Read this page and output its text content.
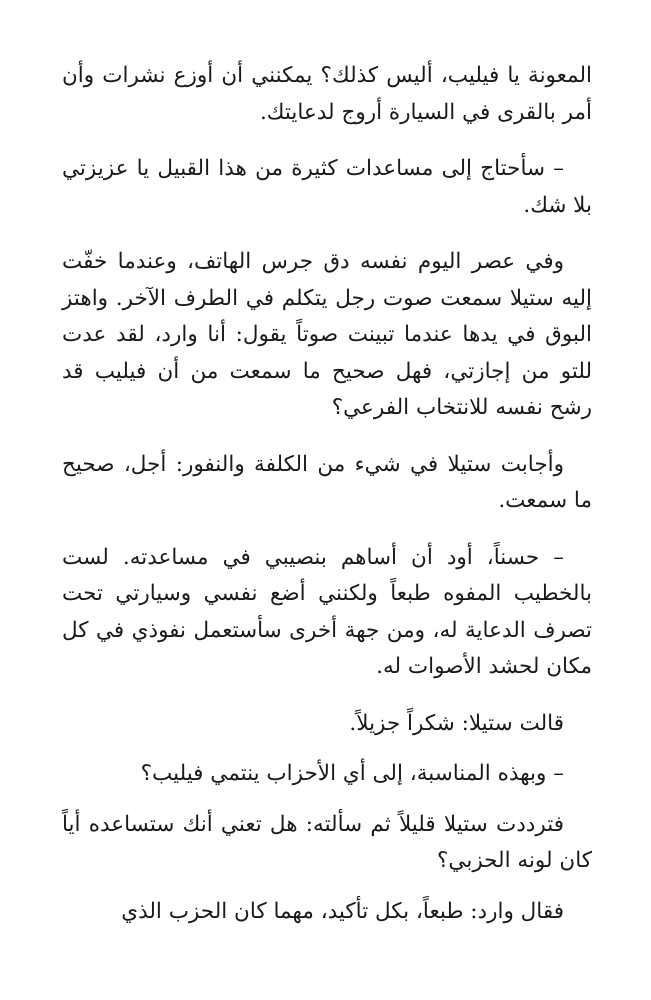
المعونة يا فيليب، أليس كذلك؟ يمكنني أن أوزع نشرات وأن أمر بالقرى في السيارة أروج لدعايتك.

– سأحتاج إلى مساعدات كثيرة من هذا القبيل يا عزيزتي بلا شك.

وفي عصر اليوم نفسه دق جرس الهاتف، وعندما خفّت إليه ستيلا سمعت صوت رجل يتكلم في الطرف الآخر. واهتز البوق في يدها عندما تبينت صوتاً يقول: أنا وارد، لقد عدت للتو من إجازتي، فهل صحيح ما سمعت من أن فيليب قد رشح نفسه للانتخاب الفرعي؟

وأجابت ستيلا في شيء من الكلفة والنفور: أجل، صحيح ما سمعت.

– حسناً، أود أن أساهم بنصيبي في مساعدته. لست بالخطيب المفوه طبعاً ولكنني أضع نفسي وسيارتي تحت تصرف الدعاية له، ومن جهة أخرى سأستعمل نفوذي في كل مكان لحشد الأصوات له.

قالت ستيلا: شكراً جزيلاً.

– وبهذه المناسبة، إلى أي الأحزاب ينتمي فيليب؟

فترددت ستيلا قليلاً ثم سألته: هل تعني أنك ستساعده أياً كان لونه الحزبي؟

فقال وارد: طبعاً، بكل تأكيد، مهما كان الحزب الذي
